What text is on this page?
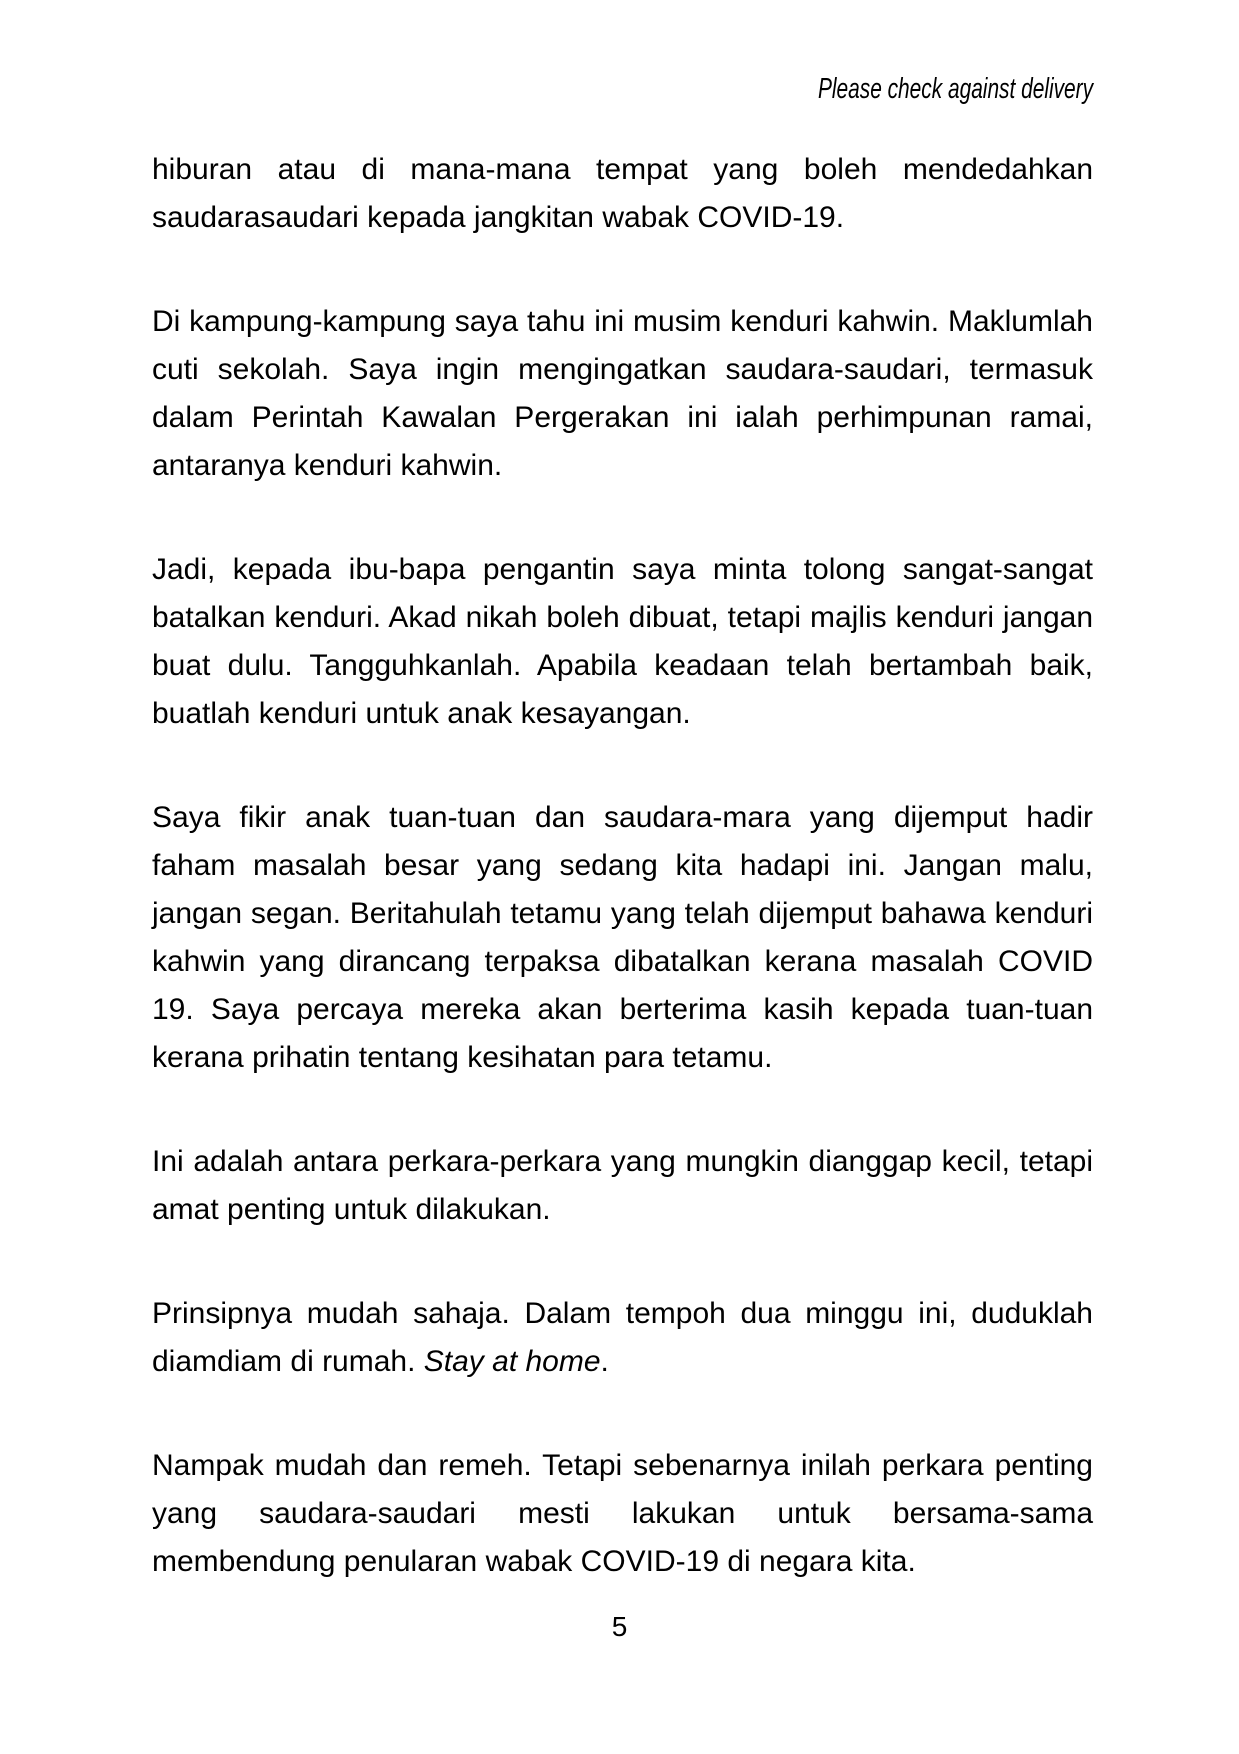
Please check against delivery

hiburan atau di mana-mana tempat yang boleh mendedahkan saudarasaudari kepada jangkitan wabak COVID-19.

Di kampung-kampung saya tahu ini musim kenduri kahwin. Maklumlah cuti sekolah. Saya ingin mengingatkan saudara-saudari, termasuk dalam Perintah Kawalan Pergerakan ini ialah perhimpunan ramai, antaranya kenduri kahwin.

Jadi, kepada ibu-bapa pengantin saya minta tolong sangat-sangat batalkan kenduri. Akad nikah boleh dibuat, tetapi majlis kenduri jangan buat dulu. Tangguhkanlah. Apabila keadaan telah bertambah baik, buatlah kenduri untuk anak kesayangan.

Saya fikir anak tuan-tuan dan saudara-mara yang dijemput hadir faham masalah besar yang sedang kita hadapi ini. Jangan malu, jangan segan. Beritahulah tetamu yang telah dijemput bahawa kenduri kahwin yang dirancang terpaksa dibatalkan kerana masalah COVID 19. Saya percaya mereka akan berterima kasih kepada tuan-tuan kerana prihatin tentang kesihatan para tetamu.

Ini adalah antara perkara-perkara yang mungkin dianggap kecil, tetapi amat penting untuk dilakukan.

Prinsipnya mudah sahaja. Dalam tempoh dua minggu ini, duduklah diamdiam di rumah. Stay at home.

Nampak mudah dan remeh. Tetapi sebenarnya inilah perkara penting yang saudara-saudari mesti lakukan untuk bersama-sama membendung penularan wabak COVID-19 di negara kita.

5
